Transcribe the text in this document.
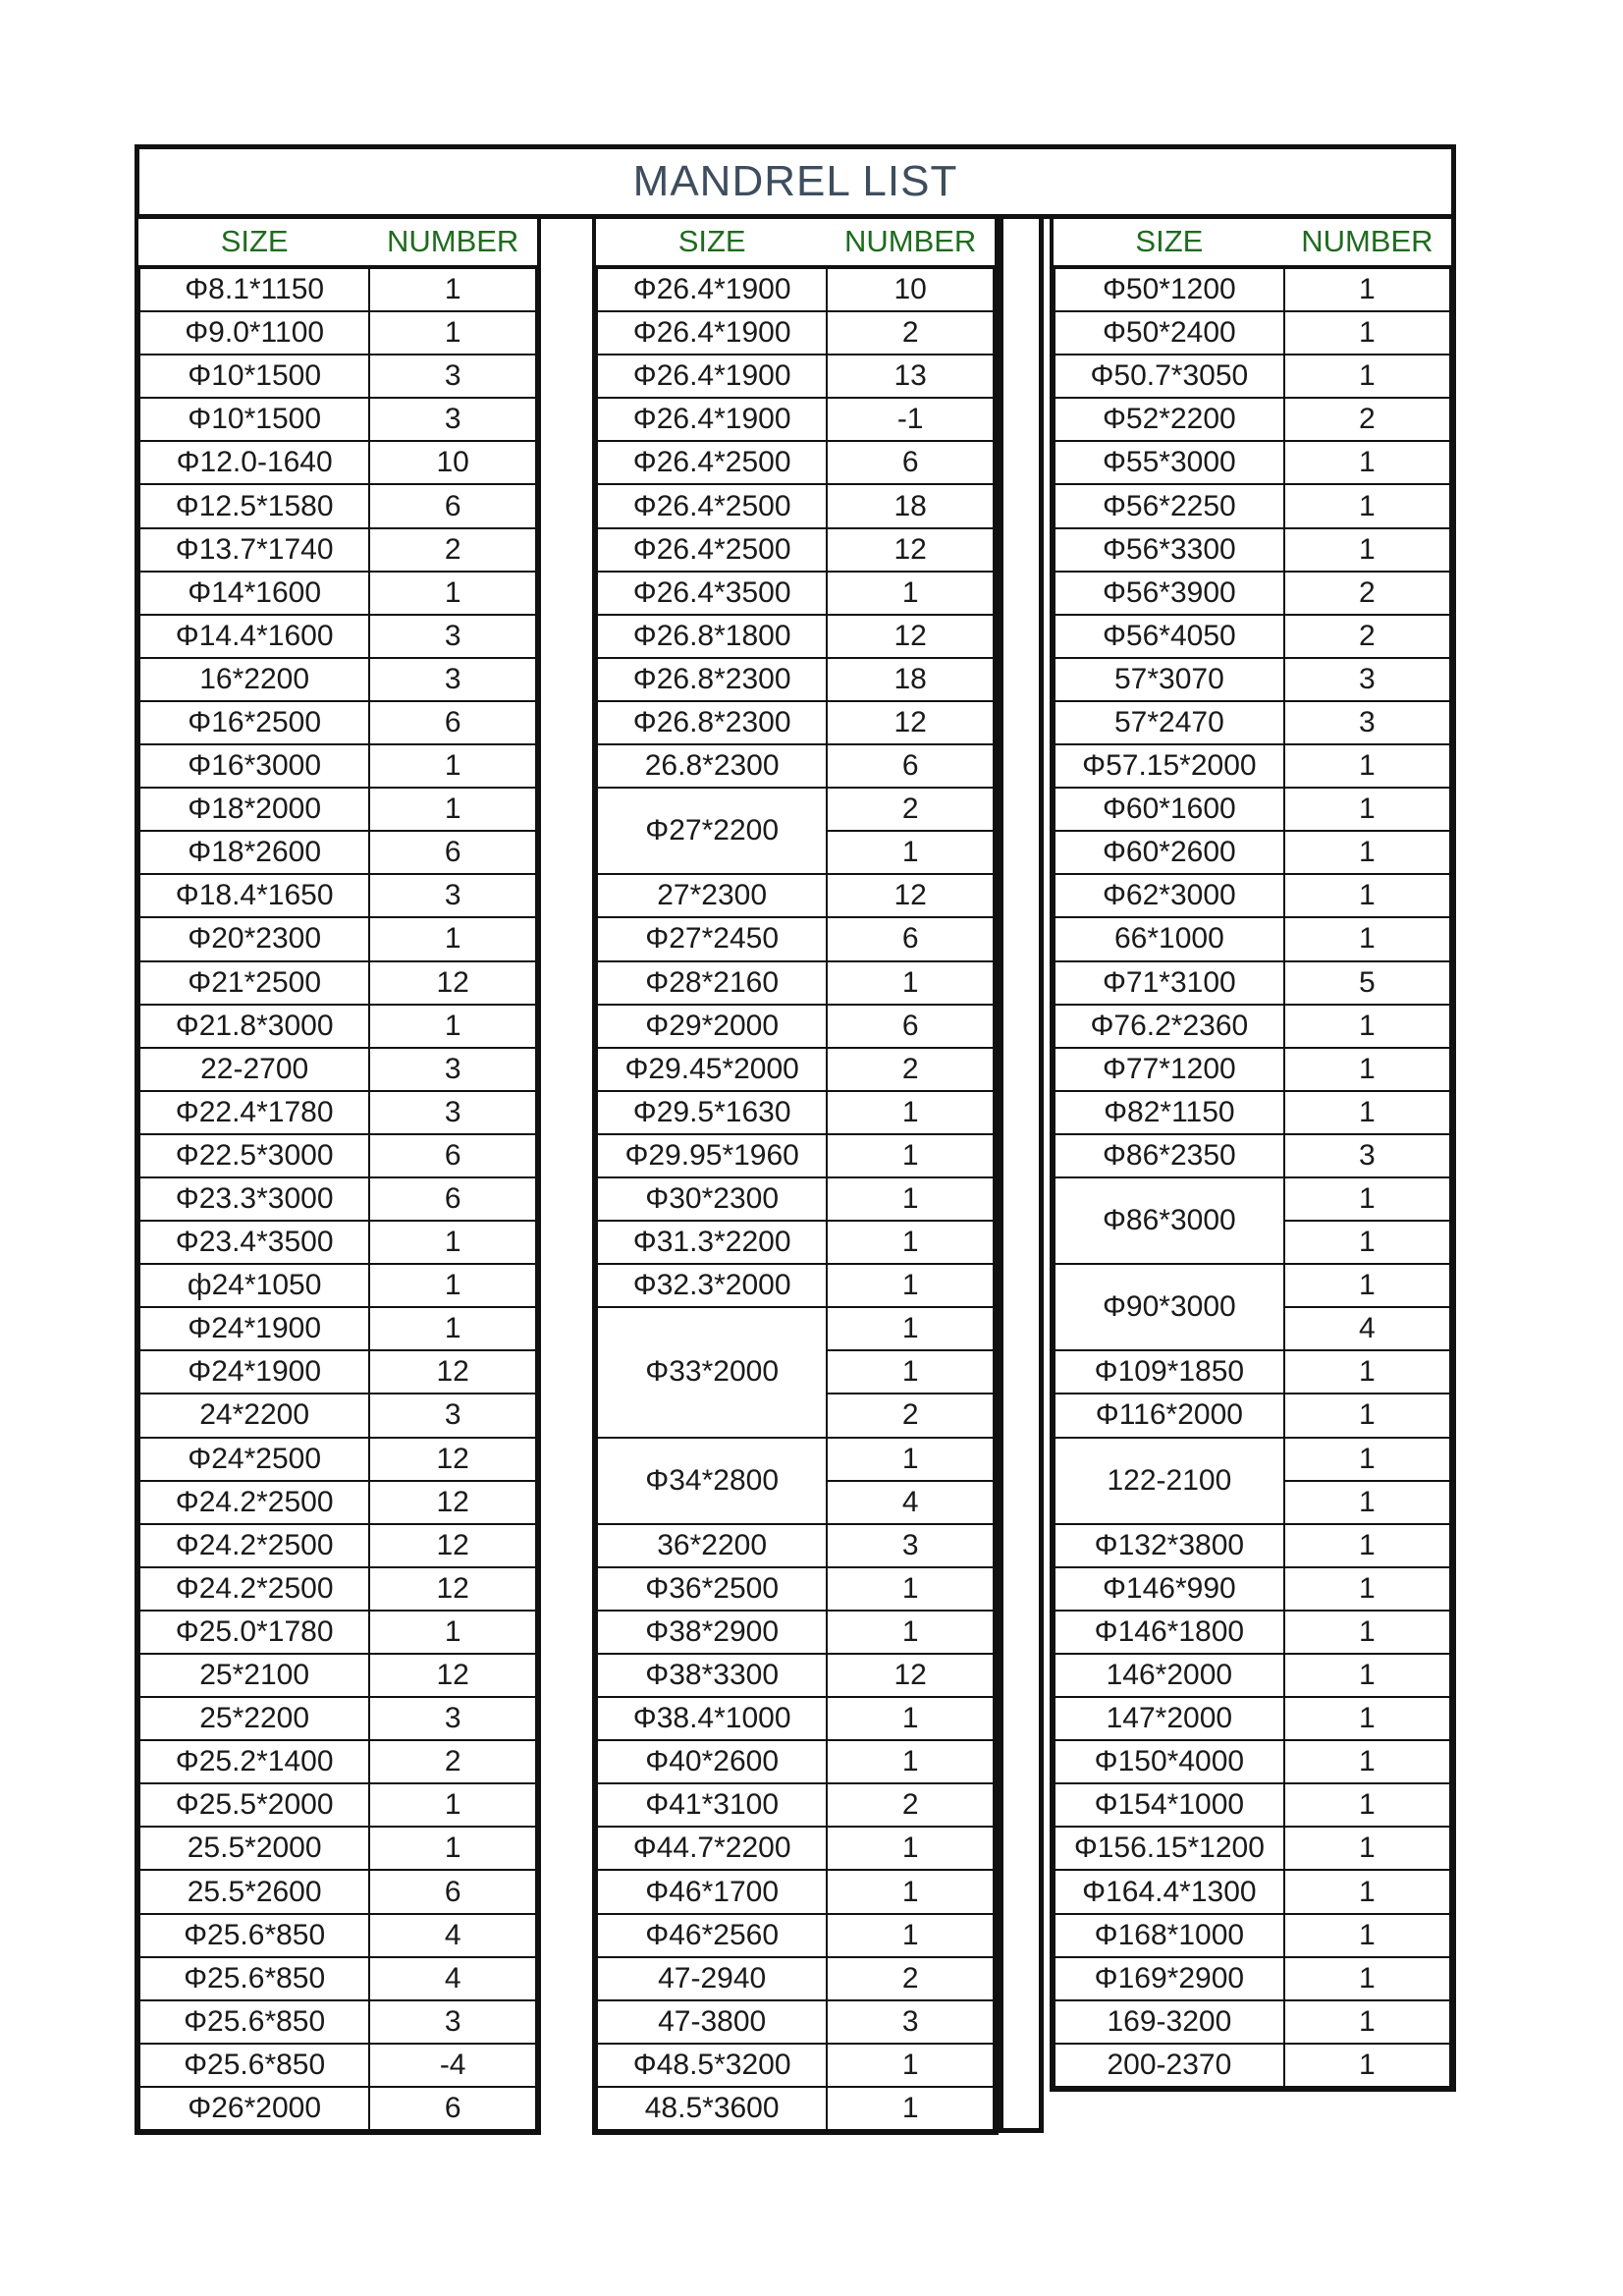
MANDREL LIST
SIZE	NUMBER
Φ8.1*1150	1
Φ9.0*1100	1
Φ10*1500	3
Φ10*1500	3
Φ12.0-1640	10
Φ12.5*1580	6
Φ13.7*1740	2
Φ14*1600	1
Φ14.4*1600	3
16*2200	3
Φ16*2500	6
Φ16*3000	1
Φ18*2000	1
Φ18*2600	6
Φ18.4*1650	3
Φ20*2300	1
Φ21*2500	12
Φ21.8*3000	1
22-2700	3
Φ22.4*1780	3
Φ22.5*3000	6
Φ23.3*3000	6
Φ23.4*3500	1
ф24*1050	1
Φ24*1900	1
Φ24*1900	12
24*2200	3
Φ24*2500	12
Φ24.2*2500	12
Φ24.2*2500	12
Φ24.2*2500	12
Φ25.0*1780	1
25*2100	12
25*2200	3
Φ25.2*1400	2
Φ25.5*2000	1
25.5*2000	1
25.5*2600	6
Φ25.6*850	4
Φ25.6*850	4
Φ25.6*850	3
Φ25.6*850	-4
Φ26*2000	6
SIZE	NUMBER
Φ26.4*1900	10
Φ26.4*1900	2
Φ26.4*1900	13
Φ26.4*1900	-1
Φ26.4*2500	6
Φ26.4*2500	18
Φ26.4*2500	12
Φ26.4*3500	1
Φ26.8*1800	12
Φ26.8*2300	18
Φ26.8*2300	12
26.8*2300	6
Φ27*2200	2
	1
27*2300	12
Φ27*2450	6
Φ28*2160	1
Φ29*2000	6
Φ29.45*2000	2
Φ29.5*1630	1
Φ29.95*1960	1
Φ30*2300	1
Φ31.3*2200	1
Φ32.3*2000	1
Φ33*2000	1
	1
	2
Φ34*2800	1
	4
36*2200	3
Φ36*2500	1
Φ38*2900	1
Φ38*3300	12
Φ38.4*1000	1
Φ40*2600	1
Φ41*3100	2
Φ44.7*2200	1
Φ46*1700	1
Φ46*2560	1
47-2940	2
47-3800	3
Φ48.5*3200	1
48.5*3600	1
SIZE	NUMBER
Φ50*1200	1
Φ50*2400	1
Φ50.7*3050	1
Φ52*2200	2
Φ55*3000	1
Φ56*2250	1
Φ56*3300	1
Φ56*3900	2
Φ56*4050	2
57*3070	3
57*2470	3
Φ57.15*2000	1
Φ60*1600	1
Φ60*2600	1
Φ62*3000	1
66*1000	1
Φ71*3100	5
Φ76.2*2360	1
Φ77*1200	1
Φ82*1150	1
Φ86*2350	3
Φ86*3000	1
	1
Φ90*3000	1
	4
Φ109*1850	1
Φ116*2000	1
122-2100	1
	1
Φ132*3800	1
Φ146*990	1
Φ146*1800	1
146*2000	1
147*2000	1
Φ150*4000	1
Φ154*1000	1
Φ156.15*1200	1
Φ164.4*1300	1
Φ168*1000	1
Φ169*2900	1
169-3200	1
200-2370	1
